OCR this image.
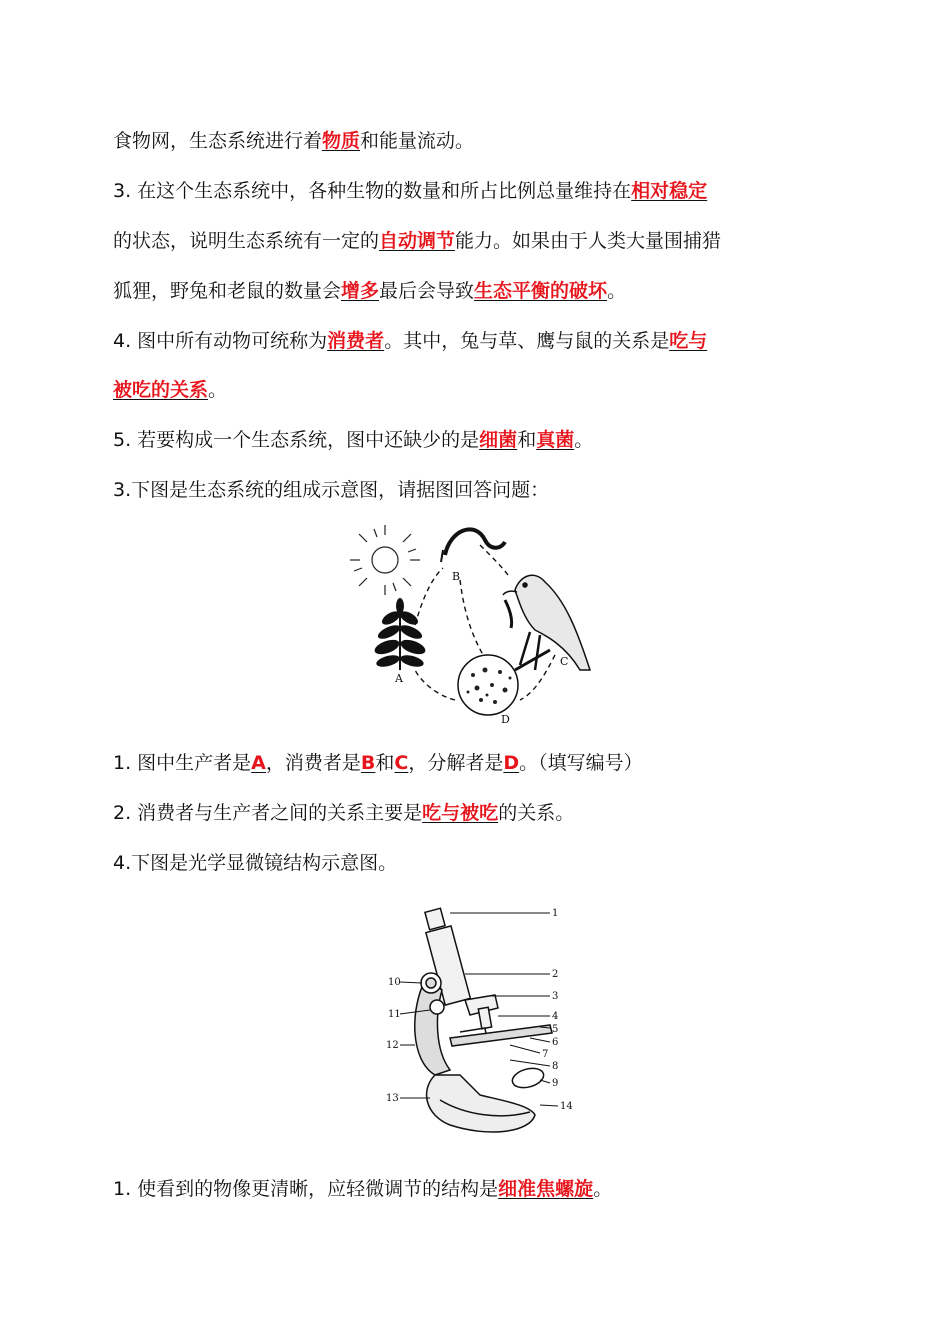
食物网，生态系统进行着物质和能量流动。
3. 在这个生态系统中，各种生物的数量和所占比例总量维持在相对稳定
的状态，说明生态系统有一定的自动调节能力。如果由于人类大量围捕猎
狐狸，野兔和老鼠的数量会增多最后会导致生态平衡的破坏。
4. 图中所有动物可统称为消费者。其中，兔与草、鹰与鼠的关系是吃与
被吃的关系。
5. 若要构成一个生态系统，图中还缺少的是细菌和真菌。
3.下图是生态系统的组成示意图，请据图回答问题：
1. 图中生产者是A，消费者是B和C，分解者是D。（填写编号）
2. 消费者与生产者之间的关系主要是吃与被吃的关系。
4.下图是光学显微镜结构示意图。
1. 使看到的物像更清晰，应轻微调节的结构是细准焦螺旋。
A
B
C
D
1
2
3
4
5
6
7
8
9
10
11
12
13
14
